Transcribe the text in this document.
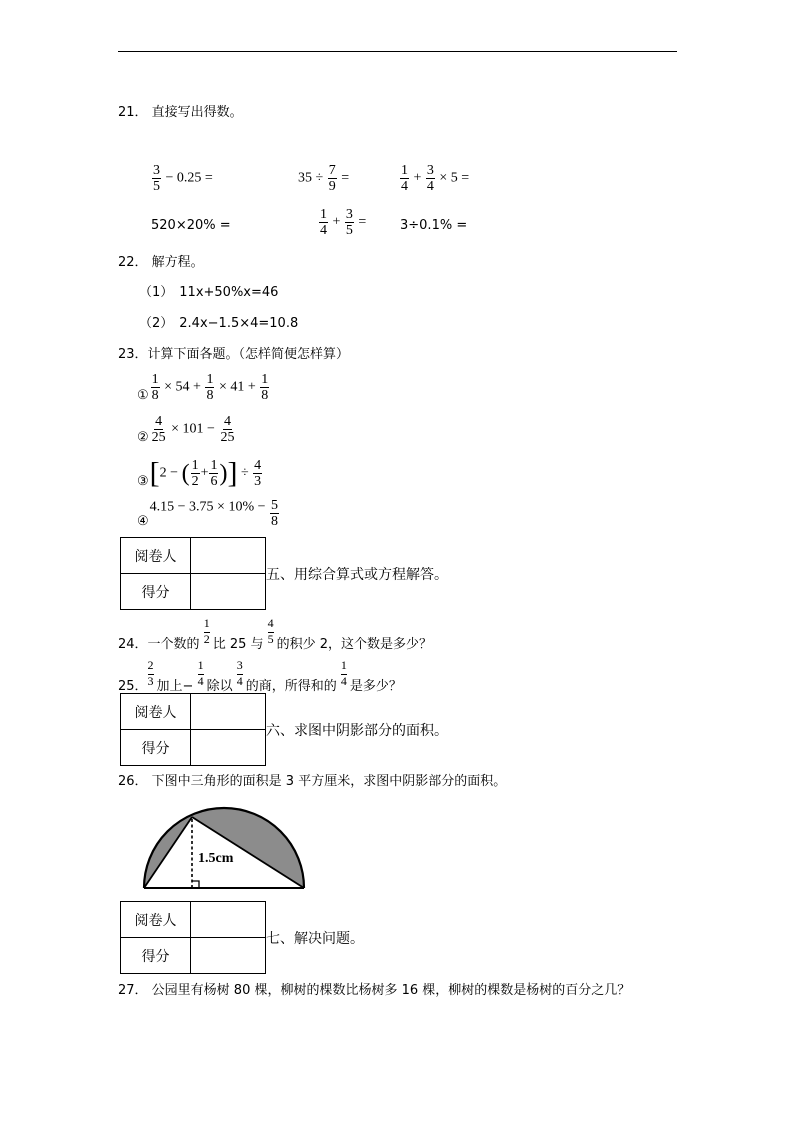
21． 直接写出得数。
$\frac{3}{5} - 0.25$ =	$35 \div \frac{7}{9}$ =	$\frac{1}{4} + \frac{3}{4} \times 5$ =
520×20% =	$\frac{1}{4} + \frac{3}{5}$ =	3÷0.1% =
22． 解方程。
（1） 11x+50%x=46
（2） 2.4x−1.5×4=10.8
23．计算下面各题。（怎样简便怎样算）
① $\frac{1}{8} \times 54 + \frac{1}{8} \times 41 + \frac{1}{8}$
② $\frac{4}{25} \times 101 - \frac{4}{25}$
③[2 − ( $\frac{1}{2} + \frac{1}{6}$ )] ÷ $\frac{4}{3}$
④4.15 − $3.75 \times 10\% - \frac{5}{8}$
阅卷人	
得分	
五、用综合算式或方程解答。
24．一个数的 $\frac{1}{2}$ 比 25 与 $\frac{4}{5}$ 的积少 2，这个数是多少？
25． $\frac{2}{3}$ 加上− $\frac{1}{4}$ 除以 $\frac{3}{4}$ 的商，所得和的 $\frac{1}{4}$ 是多少？
阅卷人	
得分	
六、求图中阴影部分的面积。
26． 下图中三角形的面积是 3 平方厘米，求图中阴影部分的面积。
1.5cm
阅卷人	
得分	
七、解决问题。
27． 公园里有杨树 80 棵，柳树的棵数比杨树多 16 棵，柳树的棵数是杨树的百分之几？
